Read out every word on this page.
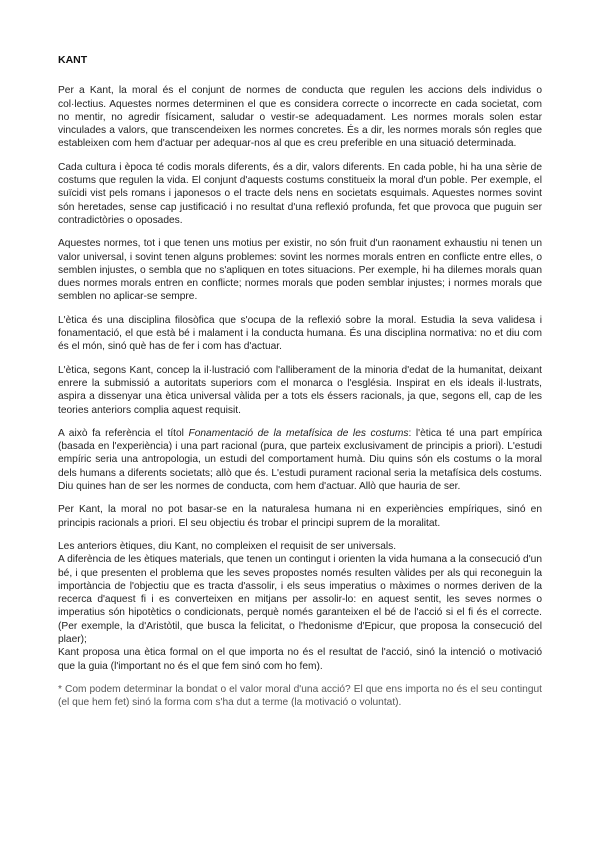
KANT

Per a Kant, la moral és el conjunt de normes de conducta que regulen les accions dels individus o col·lectius. Aquestes normes determinen el que es considera correcte o incorrecte en cada societat, com no mentir, no agredir físicament, saludar o vestir-se adequadament. Les normes morals solen estar vinculades a valors, que transcendeixen les normes concretes. És a dir, les normes morals són regles que estableixen com hem d'actuar per adequar-nos al que es creu preferible en una situació determinada.

Cada cultura i època té codis morals diferents, és a dir, valors diferents. En cada poble, hi ha una sèrie de costums que regulen la vida. El conjunt d'aquests costums constitueix la moral d'un poble. Per exemple, el suïcidi vist pels romans i japonesos o el tracte dels nens en societats esquimals. Aquestes normes sovint són heretades, sense cap justificació i no resultat d'una reflexió profunda, fet que provoca que puguin ser contradictòries o oposades.

Aquestes normes, tot i que tenen uns motius per existir, no són fruit d'un raonament exhaustiu ni tenen un valor universal, i sovint tenen alguns problemes: sovint les normes morals entren en conflicte entre elles, o semblen injustes, o sembla que no s'apliquen en totes situacions. Per exemple, hi ha dilemes morals quan dues normes morals entren en conflicte; normes morals que poden semblar injustes; i normes morals que semblen no aplicar-se sempre.

L'ètica és una disciplina filosòfica que s'ocupa de la reflexió sobre la moral. Estudia la seva validesa i fonamentació, el que està bé i malament i la conducta humana. És una disciplina normativa: no et diu com és el món, sinó què has de fer i com has d'actuar.

L'ètica, segons Kant, concep la il·lustració com l'alliberament de la minoria d'edat de la humanitat, deixant enrere la submissió a autoritats superiors com el monarca o l'església. Inspirat en els ideals il·lustrats, aspira a dissenyar una ètica universal vàlida per a tots els éssers racionals, ja que, segons ell, cap de les teories anteriors complia aquest requisit.

A això fa referència el títol Fonamentació de la metafísica de les costums: l'ètica té una part empírica (basada en l'experiència) i una part racional (pura, que parteix exclusivament de principis a priori). L'estudi empíric seria una antropologia, un estudi del comportament humà. Diu quins són els costums o la moral dels humans a diferents societats; allò que és. L'estudi purament racional seria la metafísica dels costums. Diu quines han de ser les normes de conducta, com hem d'actuar. Allò que hauria de ser.

Per Kant, la moral no pot basar-se en la naturalesa humana ni en experiències empíriques, sinó en principis racionals a priori. El seu objectiu és trobar el principi suprem de la moralitat.

Les anteriors ètiques, diu Kant, no compleixen el requisit de ser universals.

A diferència de les ètiques materials, que tenen un contingut i orienten la vida humana a la consecució d'un bé, i que presenten el problema que les seves propostes només resulten vàlides per als qui reconeguin la importància de l'objectiu que es tracta d'assolir, i els seus imperatius o màximes o normes deriven de la recerca d'aquest fi i es converteixen en mitjans per assolir-lo: en aquest sentit, les seves normes o imperatius són hipotètics o condicionats, perquè només garanteixen el bé de l'acció si el fi és el correcte. (Per exemple, la d'Aristòtil, que busca la felicitat, o l'hedonisme d'Epicur, que proposa la consecució del plaer);

Kant proposa una ètica formal on el que importa no és el resultat de l'acció, sinó la intenció o motivació que la guia (l'important no és el que fem sinó com ho fem).

* Com podem determinar la bondat o el valor moral d'una acció? El que ens importa no és el seu contingut (el que hem fet) sinó la forma com s'ha dut a terme (la motivació o voluntat).
